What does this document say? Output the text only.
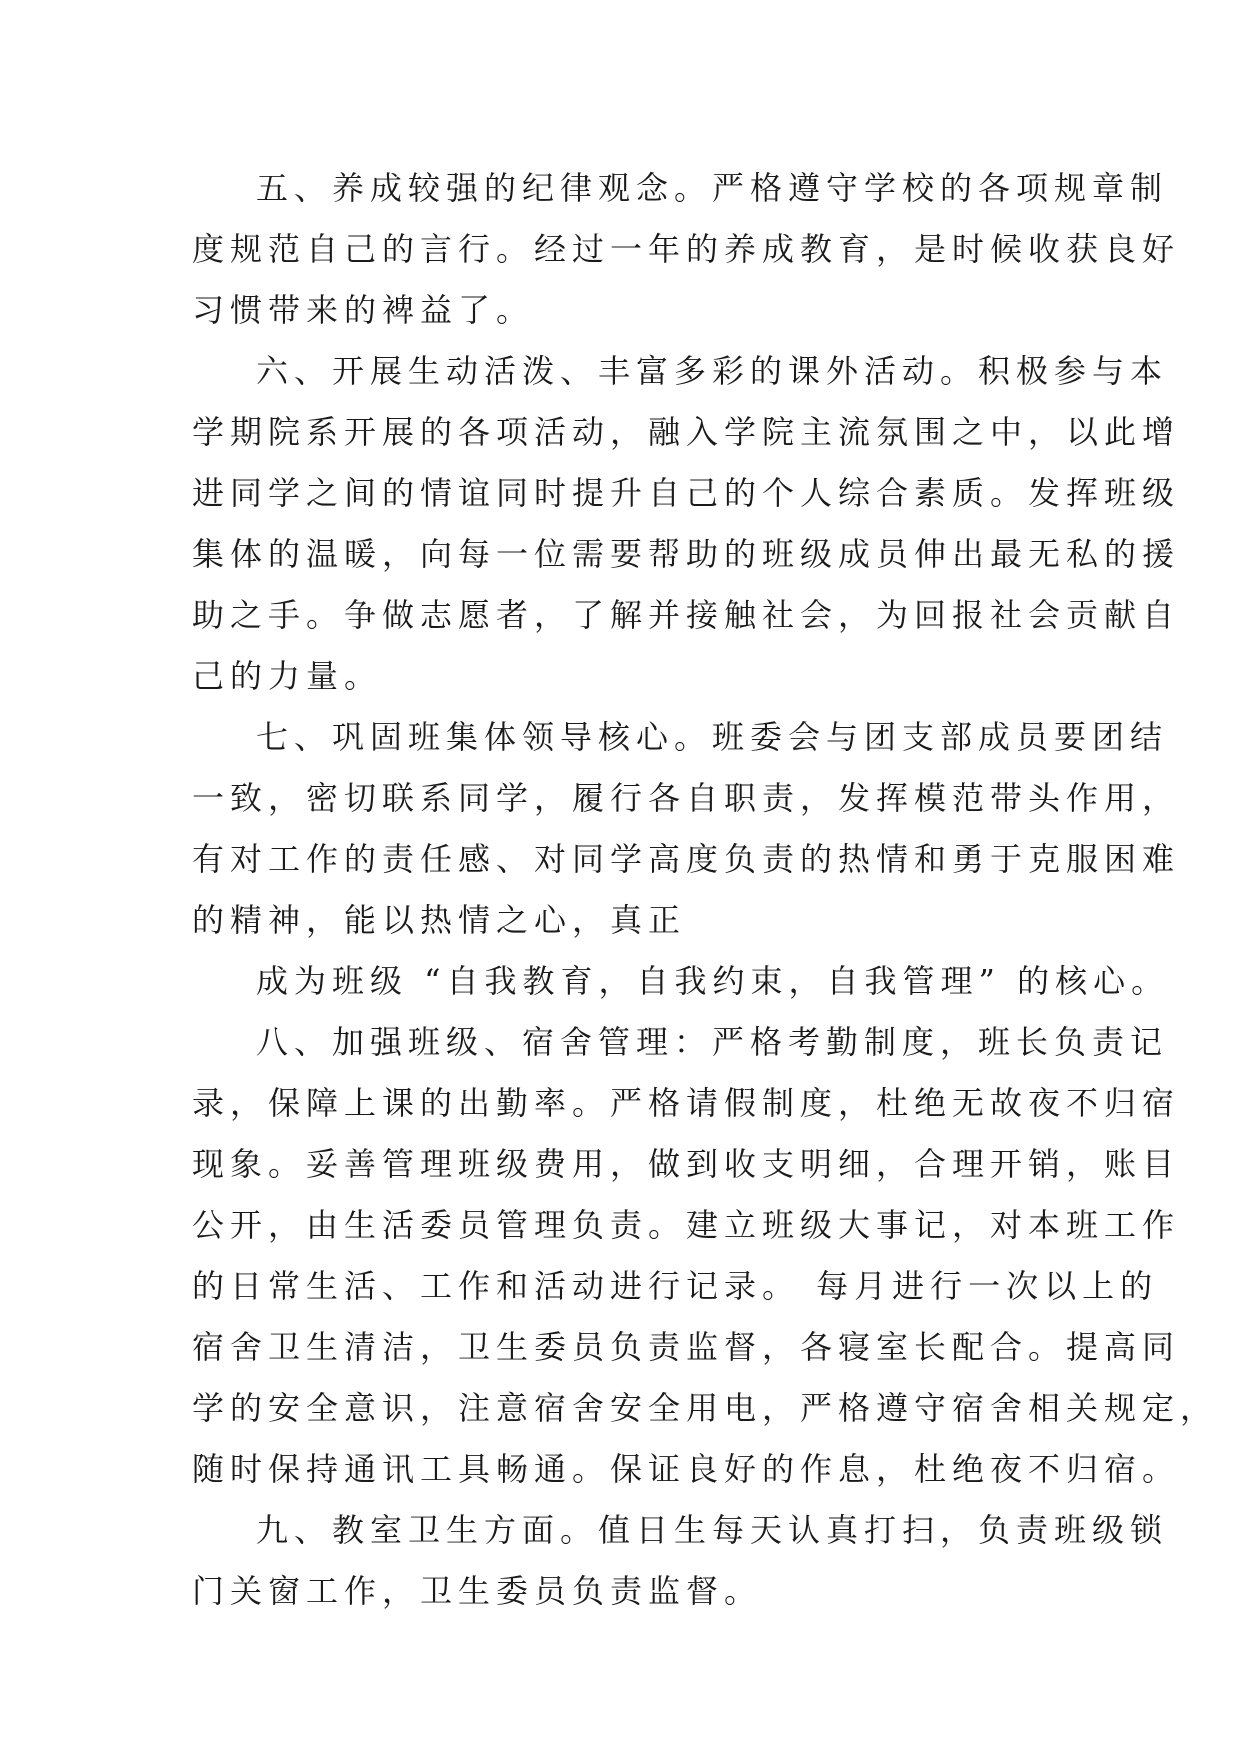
五、养成较强的纪律观念。严格遵守学校的各项规章制
度规范自己的言行。经过一年的养成教育，是时候收获良好
习惯带来的裨益了。
六、开展生动活泼、丰富多彩的课外活动。积极参与本
学期院系开展的各项活动，融入学院主流氛围之中，以此增
进同学之间的情谊同时提升自己的个人综合素质。发挥班级
集体的温暖，向每一位需要帮助的班级成员伸出最无私的援
助之手。争做志愿者，了解并接触社会，为回报社会贡献自
己的力量。
七、巩固班集体领导核心。班委会与团支部成员要团结
一致，密切联系同学，履行各自职责，发挥模范带头作用，
有对工作的责任感、对同学高度负责的热情和勇于克服困难
的精神，能以热情之心，真正
成为班级 “自我教育，自我约束，自我管理” 的核心。
八、加强班级、宿舍管理：严格考勤制度，班长负责记
录，保障上课的出勤率。严格请假制度，杜绝无故夜不归宿
现象。妥善管理班级费用，做到收支明细，合理开销，账目
公开，由生活委员管理负责。建立班级大事记，对本班工作
的日常生活、工作和活动进行记录。 每月进行一次以上的
宿舍卫生清洁，卫生委员负责监督，各寝室长配合。提高同
学的安全意识，注意宿舍安全用电，严格遵守宿舍相关规定，
随时保持通讯工具畅通。保证良好的作息，杜绝夜不归宿。
九、教室卫生方面。值日生每天认真打扫，负责班级锁
门关窗工作，卫生委员负责监督。
